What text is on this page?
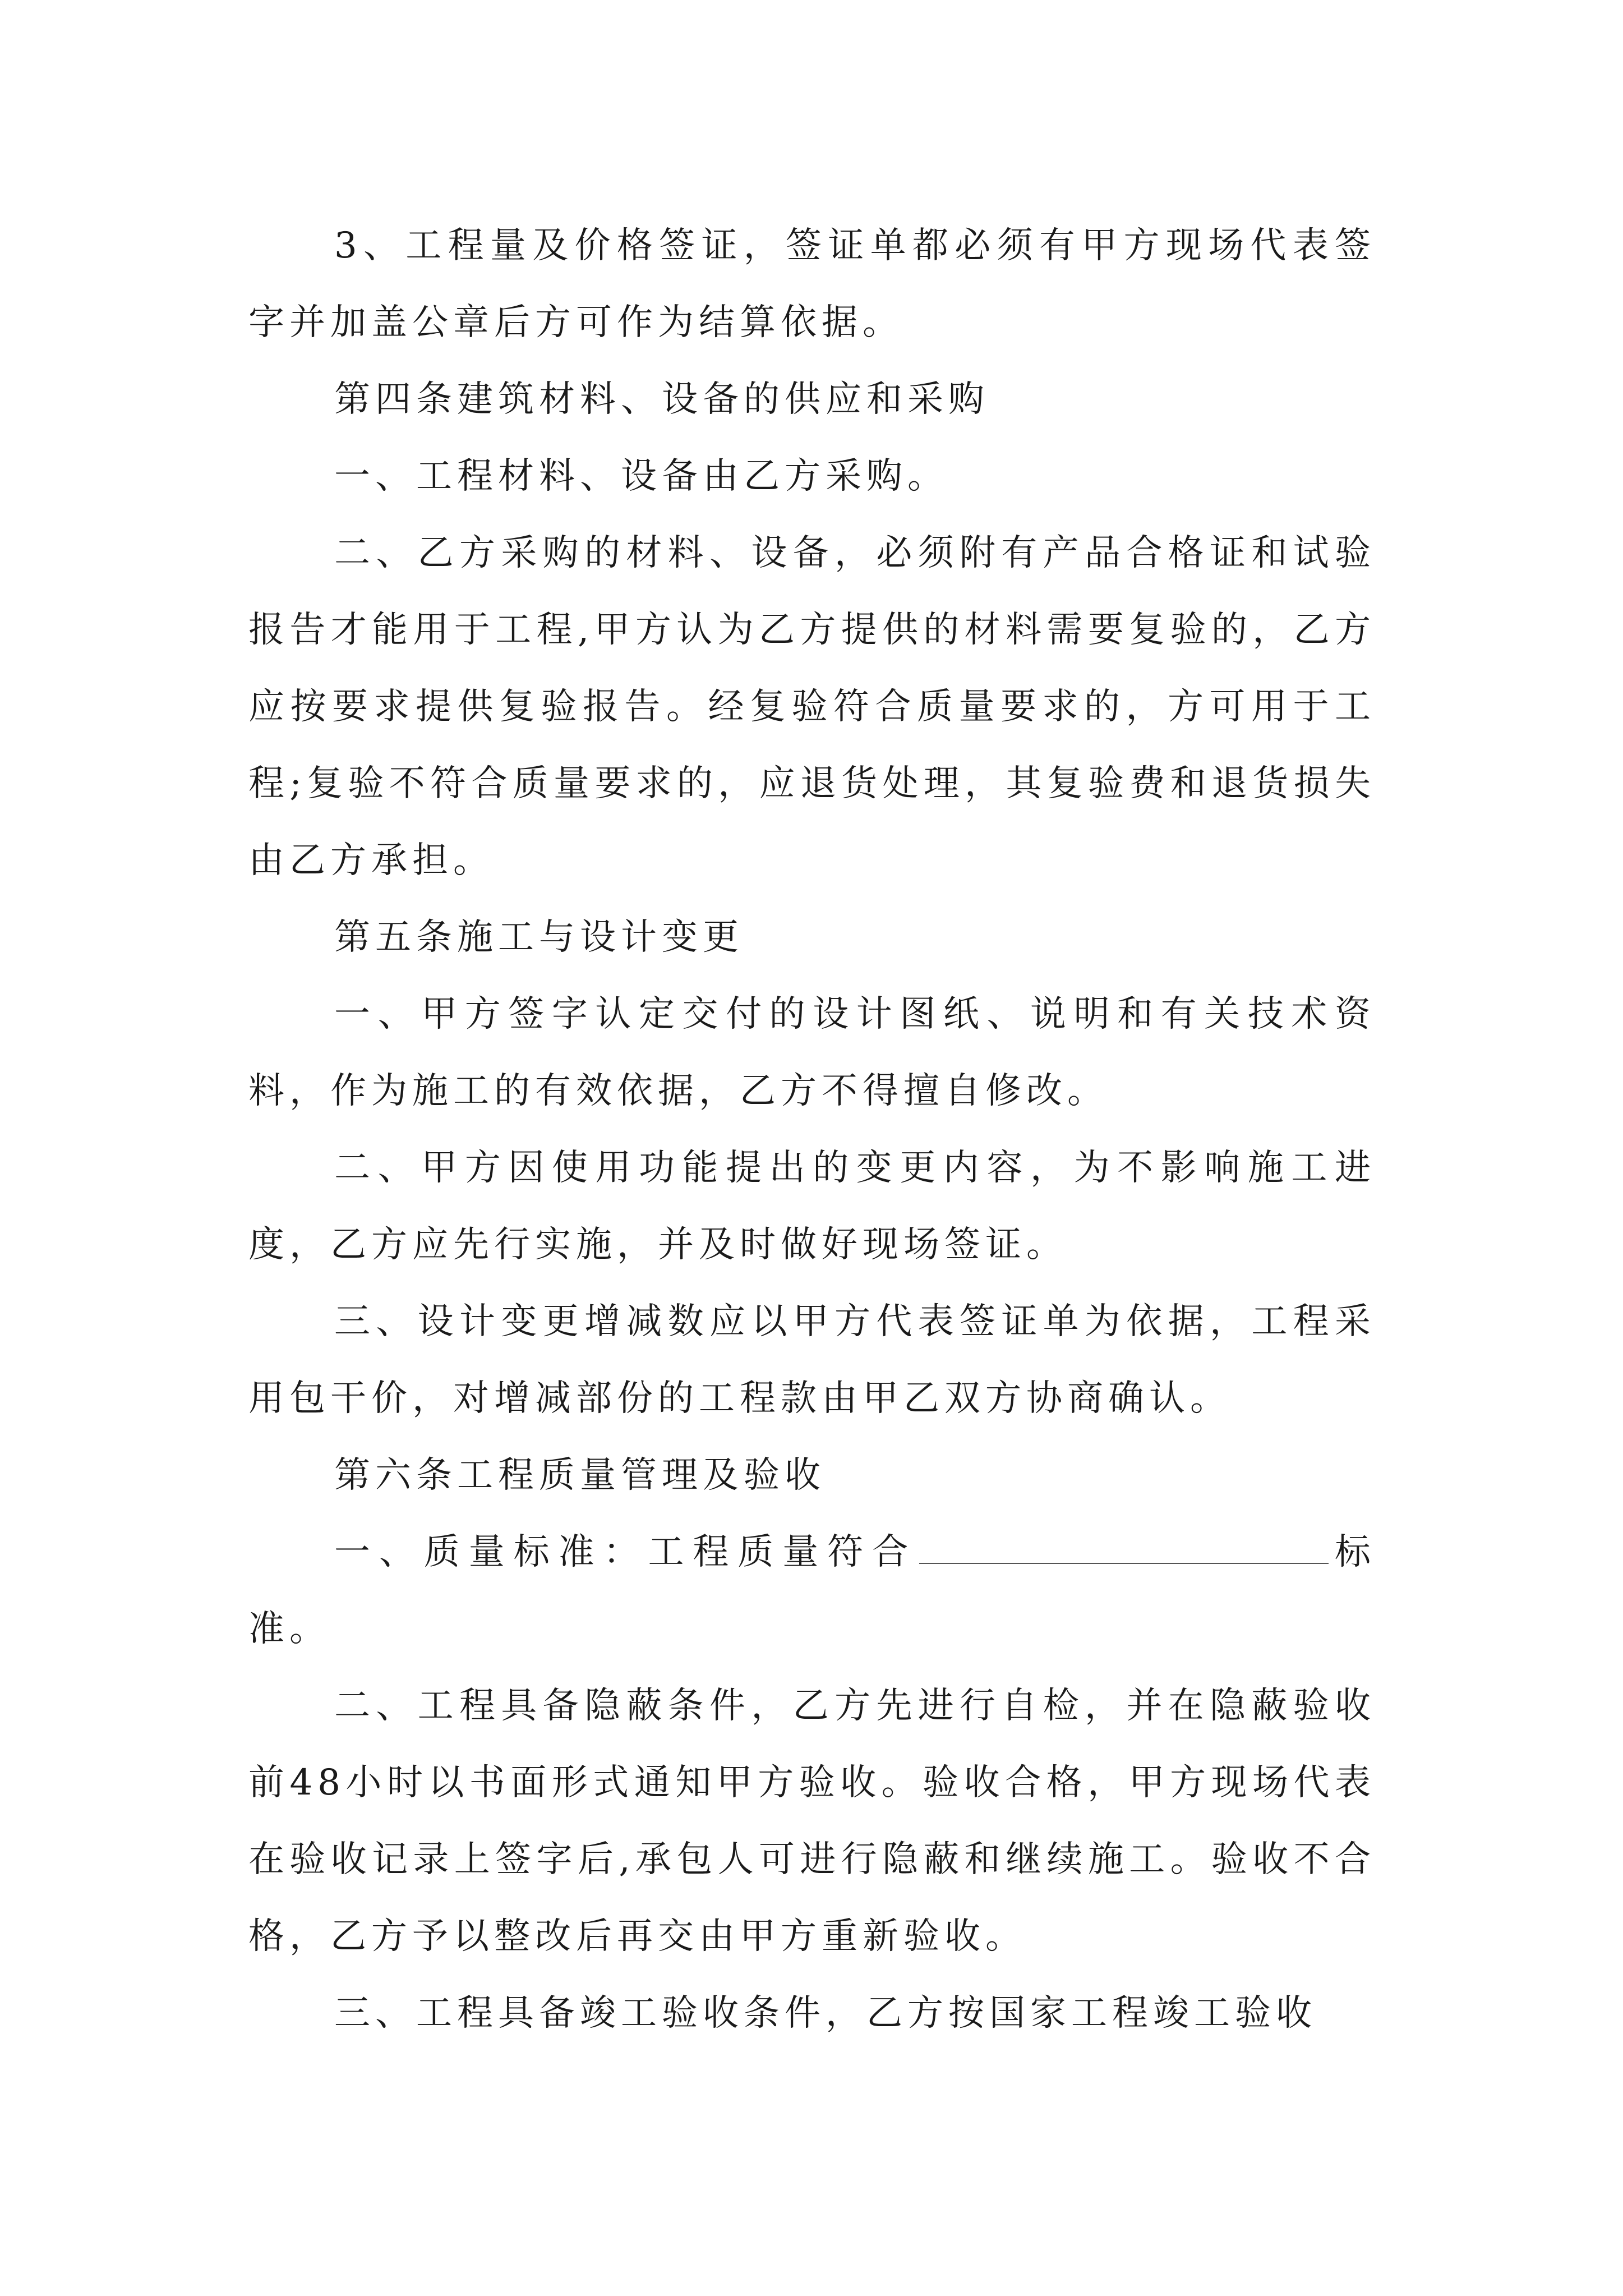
3、工程量及价格签证，签证单都必须有甲方现场代表签字并加盖公章后方可作为结算依据。

第四条建筑材料、设备的供应和采购

一、工程材料、设备由乙方采购。

二、乙方采购的材料、设备，必须附有产品合格证和试验报告才能用于工程,甲方认为乙方提供的材料需要复验的，乙方应按要求提供复验报告。经复验符合质量要求的，方可用于工程;复验不符合质量要求的，应退货处理，其复验费和退货损失由乙方承担。

第五条施工与设计变更

一、甲方签字认定交付的设计图纸、说明和有关技术资料，作为施工的有效依据，乙方不得擅自修改。

二、甲方因使用功能提出的变更内容，为不影响施工进度，乙方应先行实施，并及时做好现场签证。

三、设计变更增减数应以甲方代表签证单为依据，工程采用包干价，对增减部份的工程款由甲乙双方协商确认。

第六条工程质量管理及验收

一、质量标准：工程质量符合	标准。

二、工程具备隐蔽条件，乙方先进行自检，并在隐蔽验收前48小时以书面形式通知甲方验收。验收合格，甲方现场代表在验收记录上签字后,承包人可进行隐蔽和继续施工。验收不合格，乙方予以整改后再交由甲方重新验收。

三、工程具备竣工验收条件，乙方按国家工程竣工验收
